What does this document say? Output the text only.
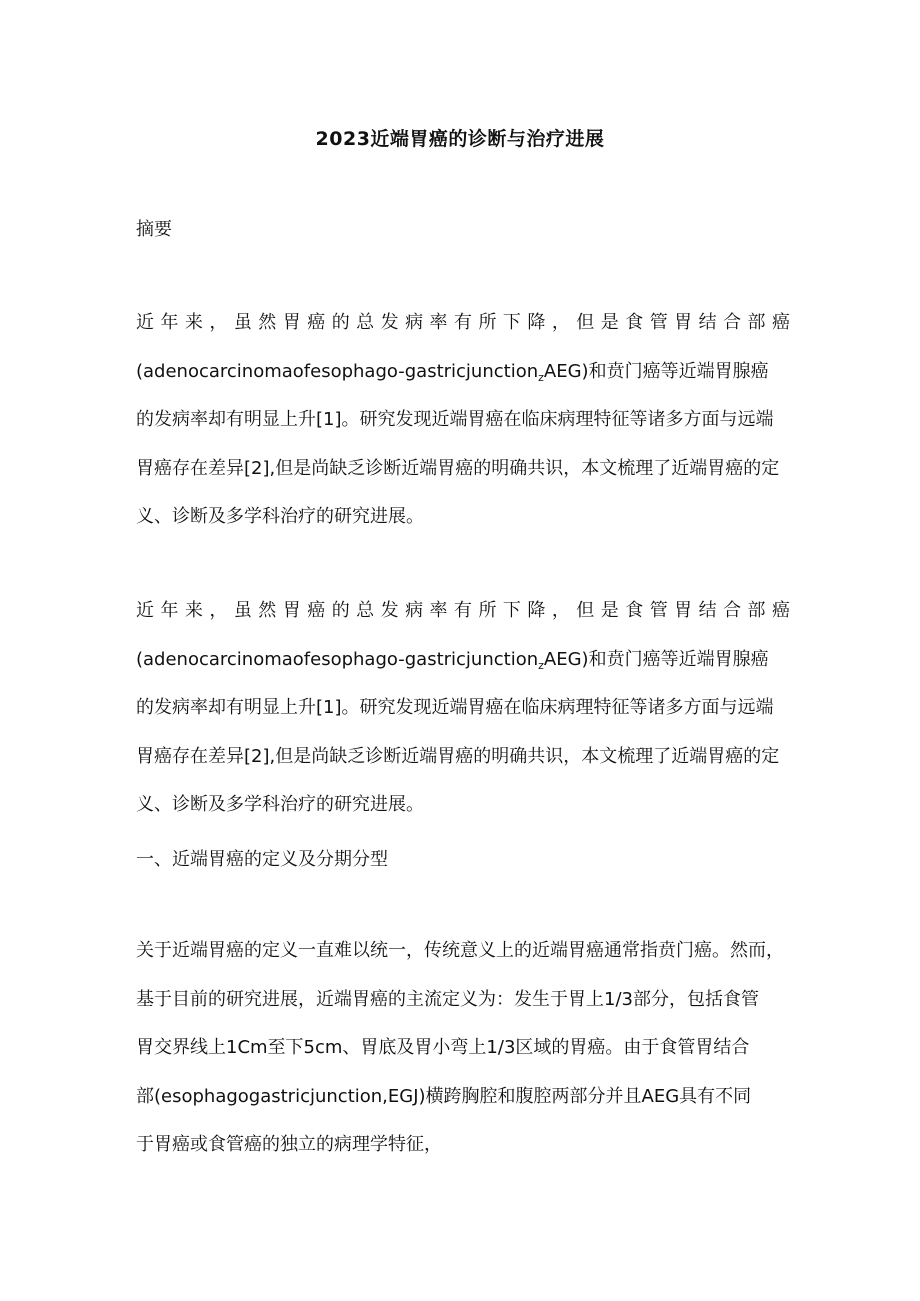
2023近端胃癌的诊断与治疗进展
摘要
近年来，虽然胃癌的总发病率有所下降，但是食管胃结合部癌
(adenocarcinomaofesophago-gastricjunction$_z$AEG)和贲门癌等近端胃腺癌
的发病率却有明显上升[1]。研究发现近端胃癌在临床病理特征等诸多方面与远端
胃癌存在差异[2],但是尚缺乏诊断近端胃癌的明确共识，本文梳理了近端胃癌的定
义、诊断及多学科治疗的研究进展。
近年来，虽然胃癌的总发病率有所下降，但是食管胃结合部癌
(adenocarcinomaofesophago-gastricjunction$_z$AEG)和贲门癌等近端胃腺癌
的发病率却有明显上升[1]。研究发现近端胃癌在临床病理特征等诸多方面与远端
胃癌存在差异[2],但是尚缺乏诊断近端胃癌的明确共识，本文梳理了近端胃癌的定
义、诊断及多学科治疗的研究进展。
一、近端胃癌的定义及分期分型
关于近端胃癌的定义一直难以统一，传统意义上的近端胃癌通常指贲门癌。然而，
基于目前的研究进展，近端胃癌的主流定义为：发生于胃上1/3部分，包括食管
胃交界线上1Cm至下5cm、胃底及胃小弯上1/3区域的胃癌。由于食管胃结合
部(esophagogastricjunction,EGJ)横跨胸腔和腹腔两部分并且AEG具有不同
于胃癌或食管癌的独立的病理学特征，
